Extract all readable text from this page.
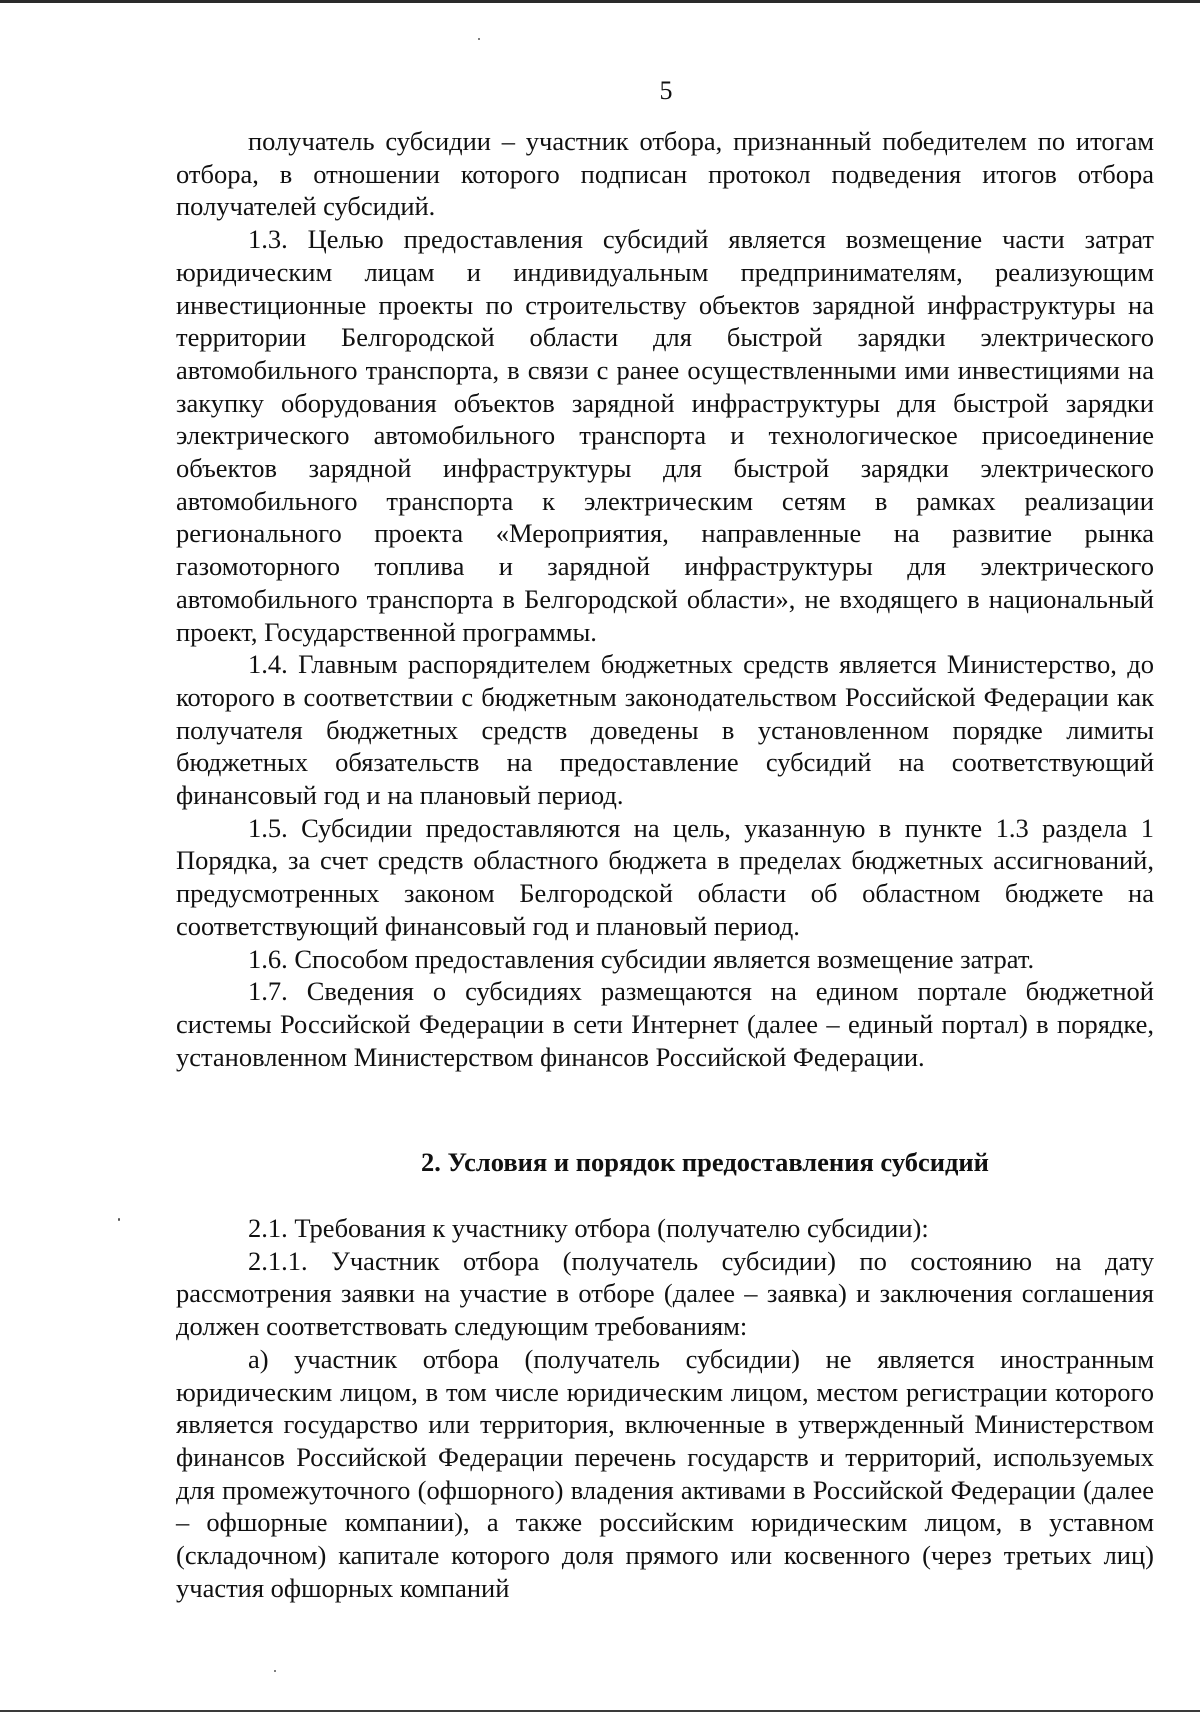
5

получатель субсидии – участник отбора, признанный победителем по итогам отбора, в отношении которого подписан протокол подведения итогов отбора получателей субсидий.

1.3. Целью предоставления субсидий является возмещение части затрат юридическим лицам и индивидуальным предпринимателям, реализующим инвестиционные проекты по строительству объектов зарядной инфраструктуры на территории Белгородской области для быстрой зарядки электрического автомобильного транспорта, в связи с ранее осуществленными ими инвестициями на закупку оборудования объектов зарядной инфраструктуры для быстрой зарядки электрического автомобильного транспорта и технологическое присоединение объектов зарядной инфраструктуры для быстрой зарядки электрического автомобильного транспорта к электрическим сетям в рамках реализации регионального проекта «Мероприятия, направленные на развитие рынка газомоторного топлива и зарядной инфраструктуры для электрического автомобильного транспорта в Белгородской области», не входящего в национальный проект, Государственной программы.

1.4. Главным распорядителем бюджетных средств является Министерство, до которого в соответствии с бюджетным законодательством Российской Федерации как получателя бюджетных средств доведены в установленном порядке лимиты бюджетных обязательств на предоставление субсидий на соответствующий финансовый год и на плановый период.

1.5. Субсидии предоставляются на цель, указанную в пункте 1.3 раздела 1 Порядка, за счет средств областного бюджета в пределах бюджетных ассигнований, предусмотренных законом Белгородской области об областном бюджете на соответствующий финансовый год и плановый период.

1.6. Способом предоставления субсидии является возмещение затрат.

1.7. Сведения о субсидиях размещаются на едином портале бюджетной системы Российской Федерации в сети Интернет (далее – единый портал) в порядке, установленном Министерством финансов Российской Федерации.

2. Условия и порядок предоставления субсидий

2.1. Требования к участнику отбора (получателю субсидии):

2.1.1. Участник отбора (получатель субсидии) по состоянию на дату рассмотрения заявки на участие в отборе (далее – заявка) и заключения соглашения должен соответствовать следующим требованиям:

а) участник отбора (получатель субсидии) не является иностранным юридическим лицом, в том числе юридическим лицом, местом регистрации которого является государство или территория, включенные в утвержденный Министерством финансов Российской Федерации перечень государств и территорий, используемых для промежуточного (офшорного) владения активами в Российской Федерации (далее – офшорные компании), а также российским юридическим лицом, в уставном (складочном) капитале которого доля прямого или косвенного (через третьих лиц) участия офшорных компаний
